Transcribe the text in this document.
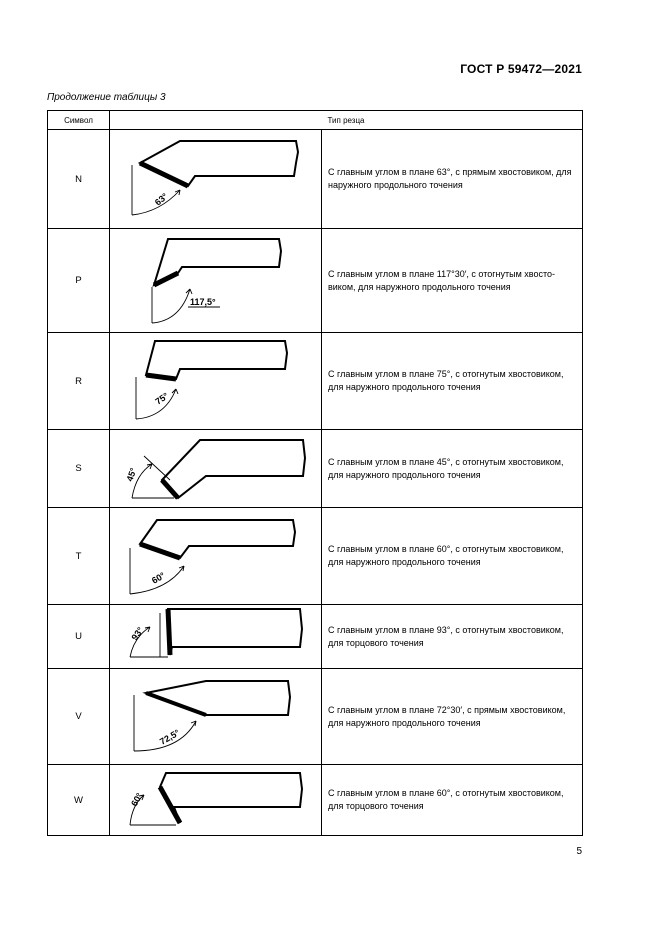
ГОСТ Р 59472—2021
Продолжение таблицы 3
Символ	Тип резца	
N	63°	С главным углом в плане 63°, с прямым хвостовиком, для наружного продольного точения
P	117,5°	С главным углом в плане 117°30′, с отогнутым хвостовиком, для наружного продольного точения
R	75°	С главным углом в плане 75°, с отогнутым хвостовиком, для наружного продольного точения
S	45°	С главным углом в плане 45°, с отогнутым хвостовиком, для наружного продольного точения
T	60°	С главным углом в плане 60°, с отогнутым хвостовиком, для наружного продольного точения
U	93°	С главным углом в плане 93°, с отогнутым хвостовиком, для торцового точения
V	72,5°	С главным углом в плане 72°30′, с прямым хвостовиком, для наружного продольного точения
W	60°	С главным углом в плане 60°, с отогнутым хвостовиком, для торцового точения
5
